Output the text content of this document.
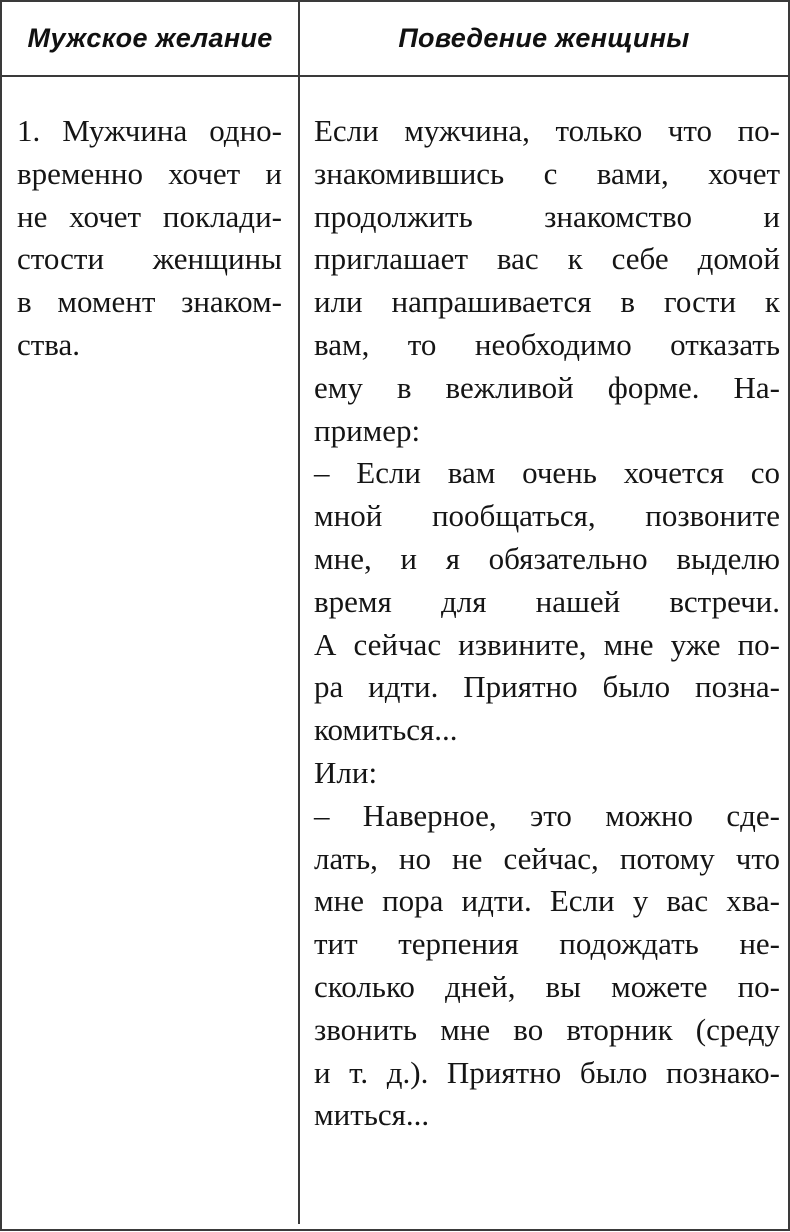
Мужское желание	Поведение женщины
1. Мужчина одно-
временно хочет и
не хочет поклади-
стости женщины
в момент знаком-
ства.
Если мужчина, только что по-
знакомившись с вами, хочет
продолжить знакомство и
приглашает вас к себе домой
или напрашивается в гости к
вам, то необходимо отказать
ему в вежливой форме. На-
пример:
– Если вам очень хочется со
мной пообщаться, позвоните
мне, и я обязательно выделю
время для нашей встречи.
А сейчас извините, мне уже по-
ра идти. Приятно было позна-
комиться...
Или:
– Наверное, это можно сде-
лать, но не сейчас, потому что
мне пора идти. Если у вас хва-
тит терпения подождать не-
сколько дней, вы можете по-
звонить мне во вторник (среду
и т. д.). Приятно было познако-
миться...
